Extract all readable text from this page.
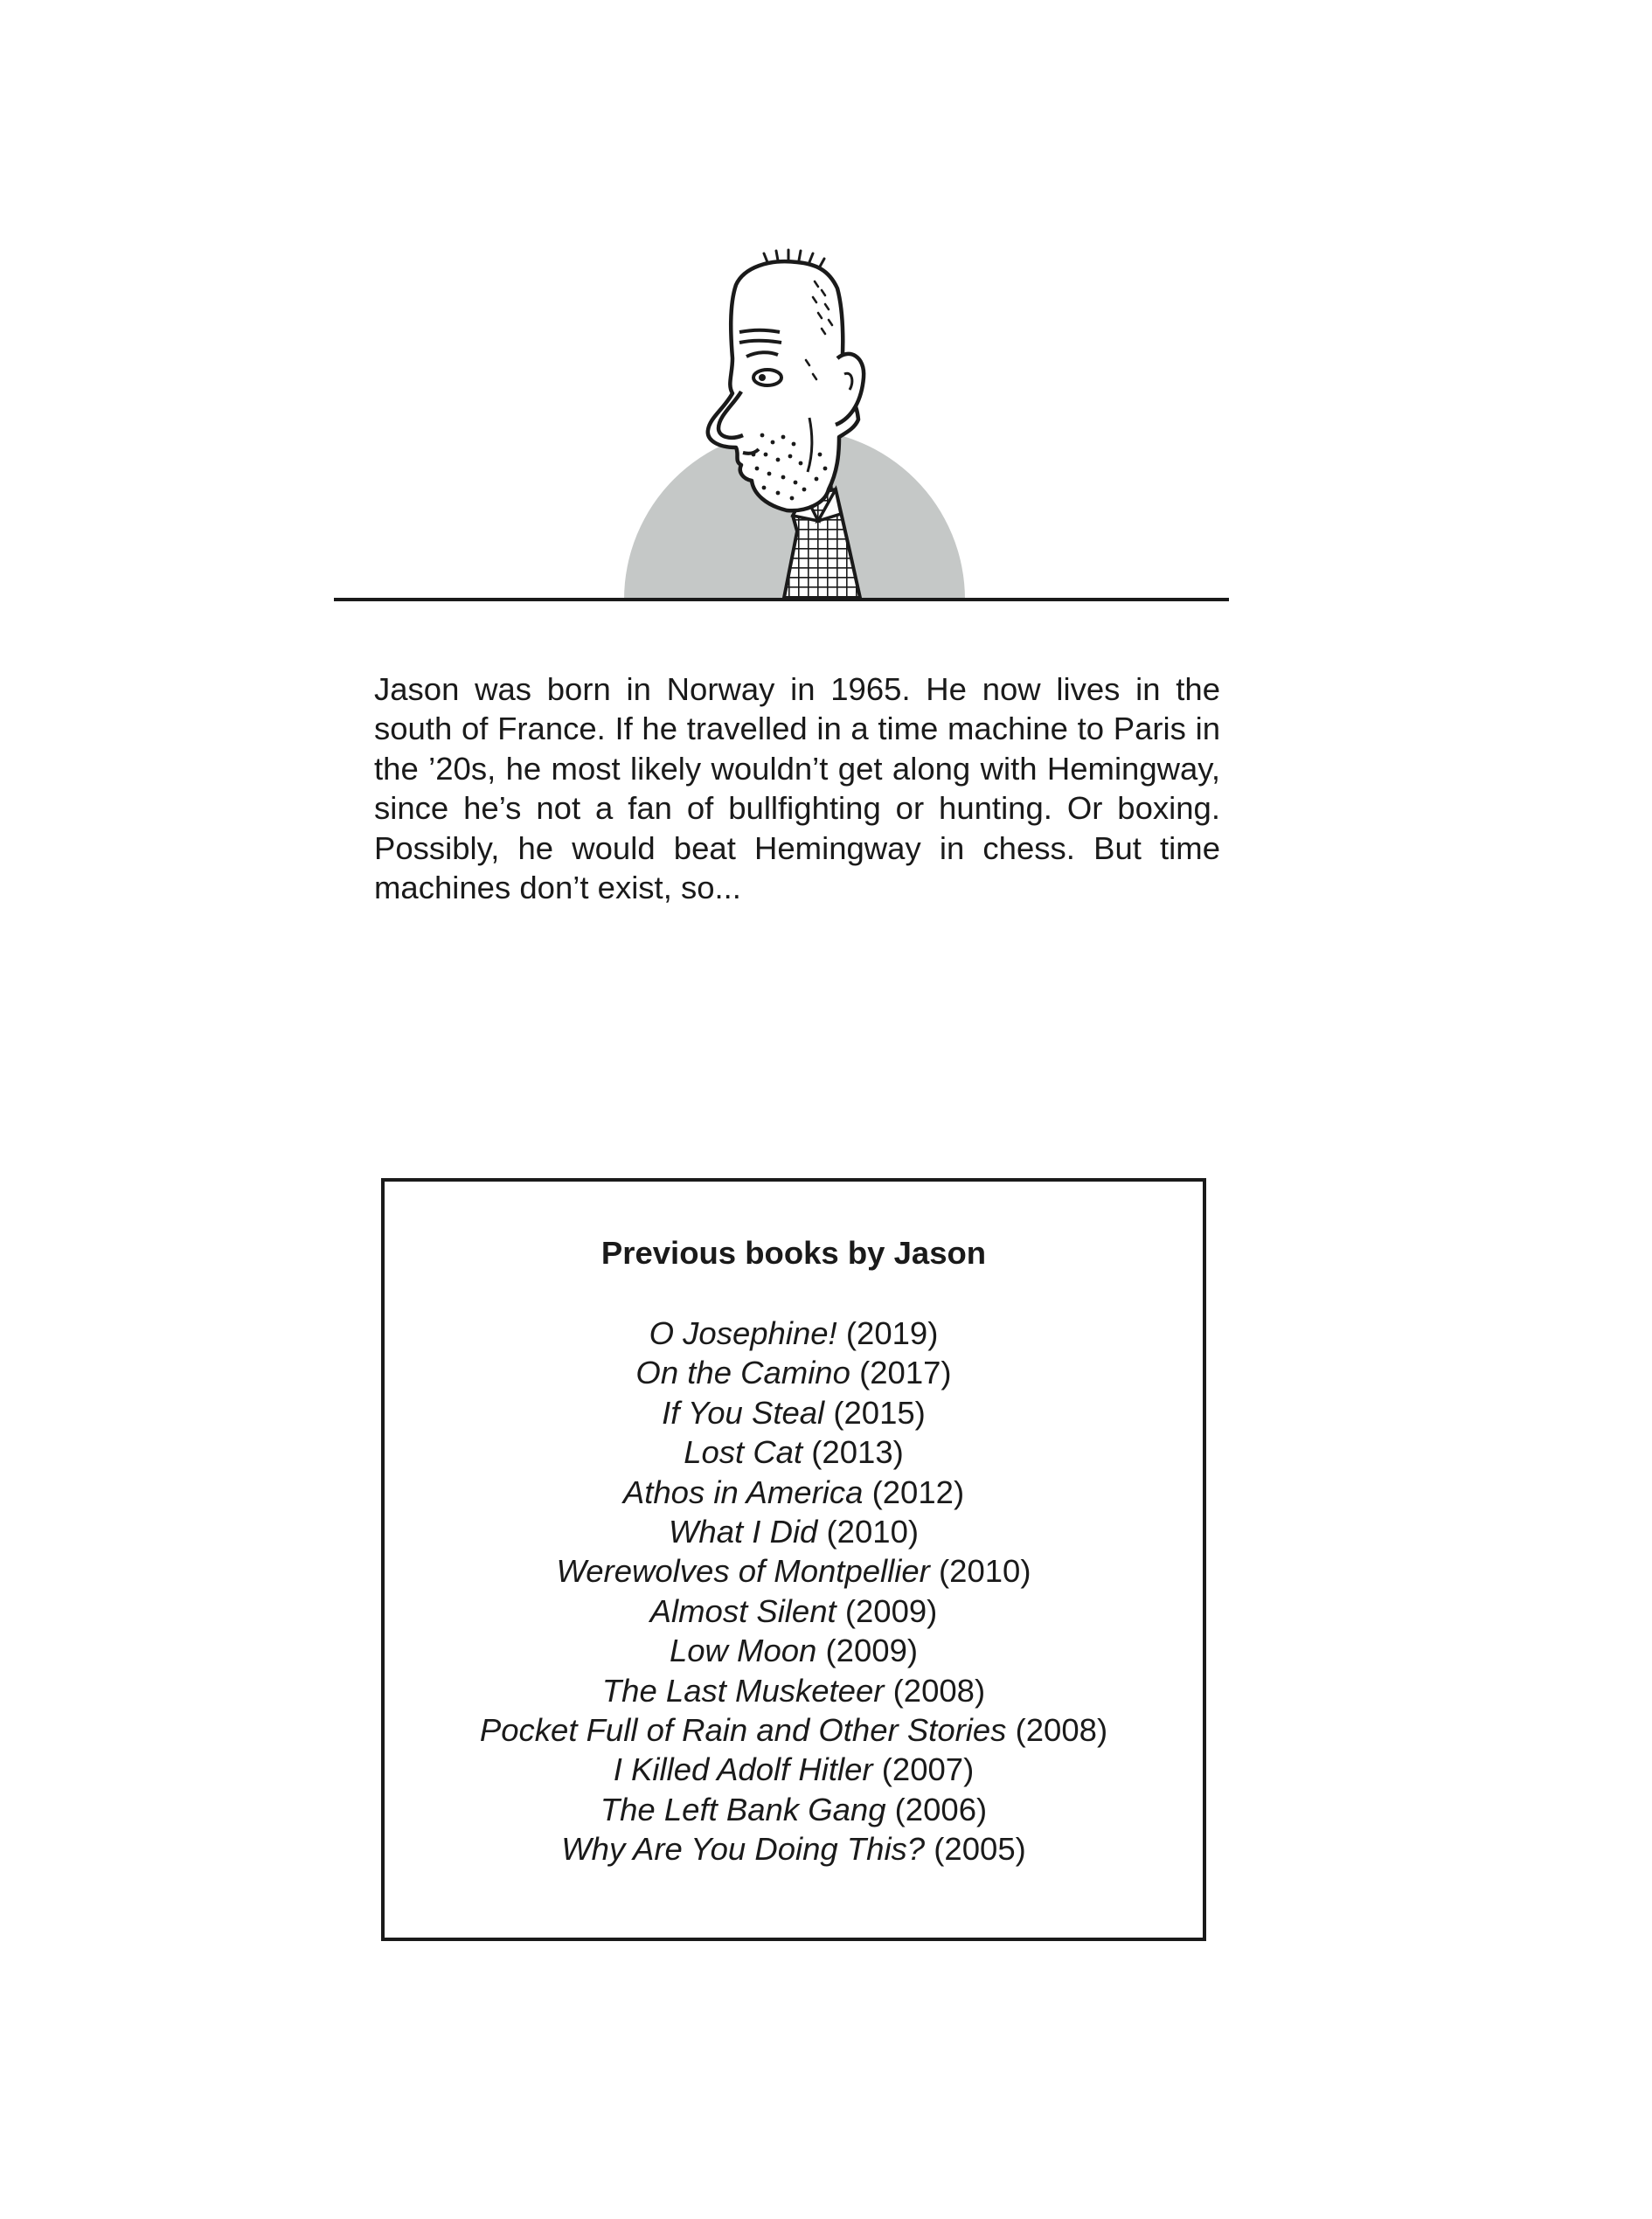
Jason was born in Norway in 1965. He now lives in the south of France. If he travelled in a time machine to Paris in the ’20s, he most likely wouldn’t get along with Hemingway, since he’s not a fan of bullfighting or hunting. Or boxing. Possibly, he would beat Hemingway in chess. But time machines don’t exist, so...

Previous books by Jason
O Josephine! (2019)
On the Camino (2017)
If You Steal (2015)
Lost Cat (2013)
Athos in America (2012)
What I Did (2010)
Werewolves of Montpellier (2010)
Almost Silent (2009)
Low Moon (2009)
The Last Musketeer (2008)
Pocket Full of Rain and Other Stories (2008)
I Killed Adolf Hitler (2007)
The Left Bank Gang (2006)
Why Are You Doing This? (2005)
